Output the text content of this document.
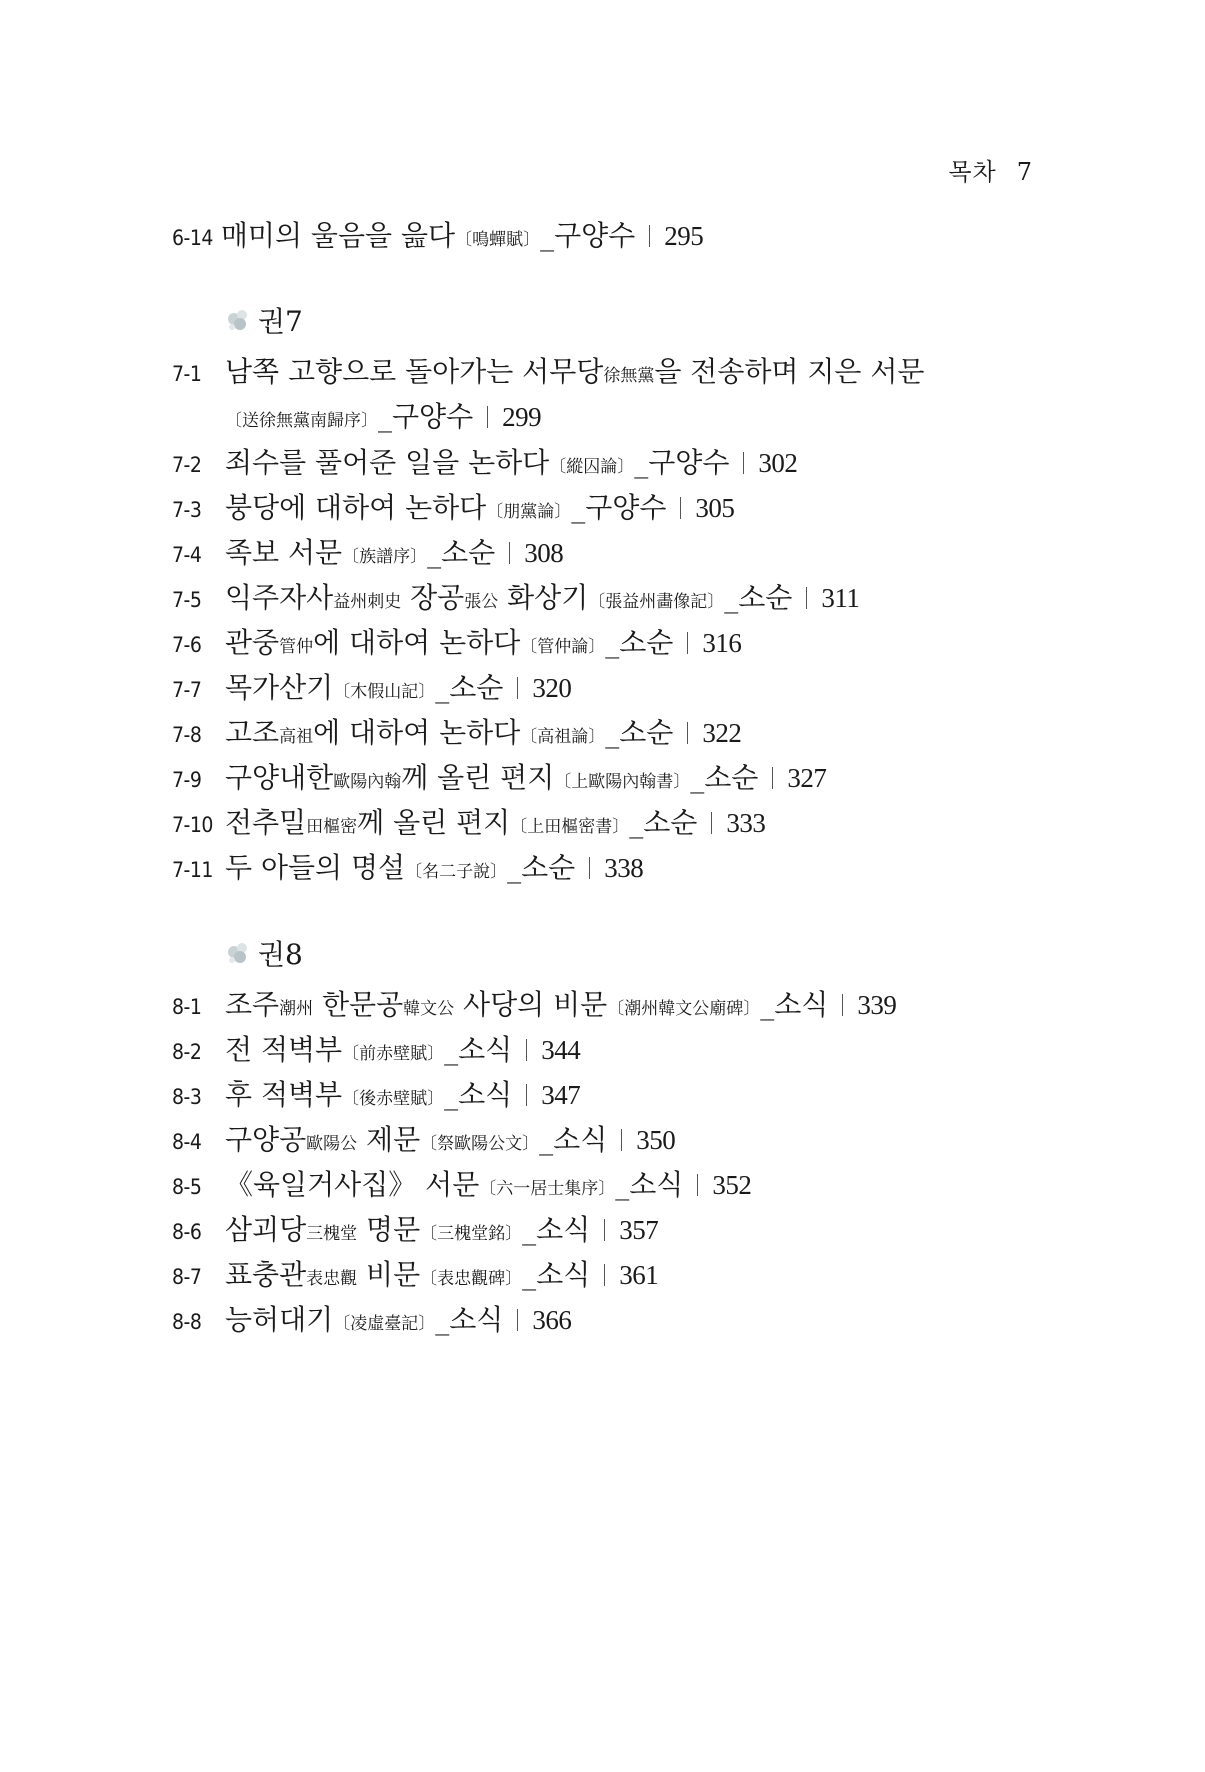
목차 7
6-14 매미의 울음을 읊다 〔 鳴蟬賦 〕 _ 구양수 295
권7
7-1 남쪽 고향으로 돌아가는 서무당徐無黨을 전송하며 지은 서문
〔 送徐無黨南歸序 〕 _ 구양수 299
7-2 죄수를 풀어준 일을 논하다 〔 縱囚論 〕 _ 구양수 302
7-3 붕당에 대하여 논하다 〔 朋黨論 〕 _ 구양수 305
7-4 족보 서문 〔 族譜序 〕 _ 소순 308
7-5 익주자사益州刺史 장공張公 화상기 〔 張益州畵像記 〕 _ 소순 311
7-6 관중管仲에 대하여 논하다 〔 管仲論 〕 _ 소순 316
7-7 목가산기 〔 木假山記 〕 _ 소순 320
7-8 고조高祖에 대하여 논하다 〔 高祖論 〕 _ 소순 322
7-9 구양내한歐陽內翰께 올린 편지 〔 上歐陽內翰書 〕 _ 소순 327
7-10 전추밀田樞密께 올린 편지 〔 上田樞密書 〕 _ 소순 333
7-11 두 아들의 명설 〔 名二子說 〕 _ 소순 338
권8
8-1 조주潮州 한문공韓文公 사당의 비문 〔 潮州韓文公廟碑 〕 _ 소식 339
8-2 전 적벽부 〔 前赤壁賦 〕 _ 소식 344
8-3 후 적벽부 〔 後赤壁賦 〕 _ 소식 347
8-4 구양공歐陽公 제문 〔 祭歐陽公文 〕 _ 소식 350
8-5 《육일거사집》 서문 〔 六一居士集序 〕 _ 소식 352
8-6 삼괴당三槐堂 명문 〔 三槐堂銘 〕 _ 소식 357
8-7 표충관表忠觀 비문 〔 表忠觀碑 〕 _ 소식 361
8-8 능허대기 〔 凌虛臺記 〕 _ 소식 366
